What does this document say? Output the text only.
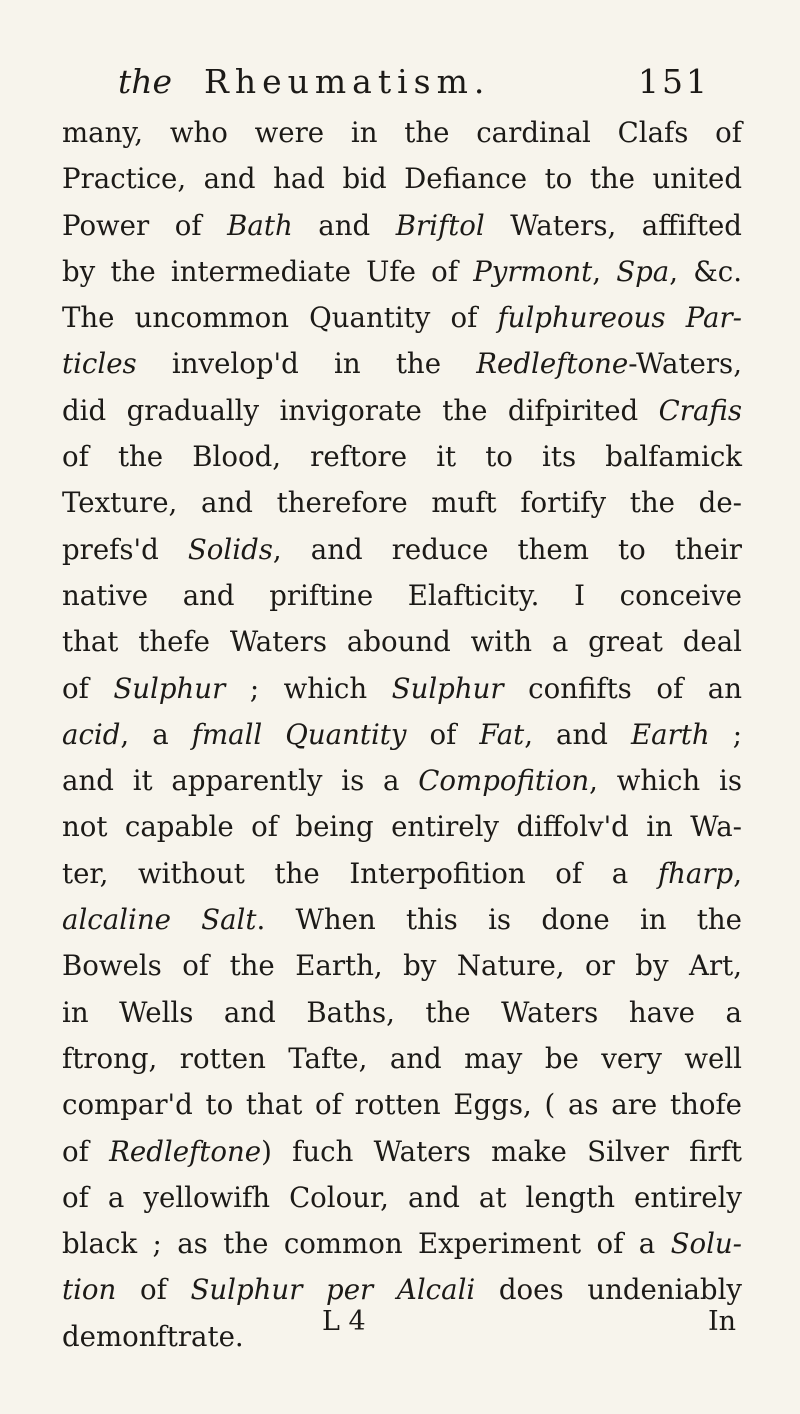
the Rheumatism.	151
many, who were in the cardinal Clafs of
Practice, and had bid Defiance to the united
Power of Bath and Briftol Waters, affifted
by the intermediate Ufe of Pyrmont, Spa, &c.
The uncommon Quantity of fulphureous Par-
ticles invelop'd in the Redleftone-Waters,
did gradually invigorate the difpirited Crafis
of the Blood, reftore it to its balfamick
Texture, and therefore muft fortify the de-
prefs'd Solids, and reduce them to their
native and priftine Elafticity. I conceive
that thefe Waters abound with a great deal
of Sulphur ; which Sulphur confifts of an
acid, a fmall Quantity of Fat, and Earth ;
and it apparently is a Compofition, which is
not capable of being entirely diffolv'd in Wa-
ter, without the Interpofition of a fharp,
alcaline Salt. When this is done in the
Bowels of the Earth, by Nature, or by Art,
in Wells and Baths, the Waters have a
ftrong, rotten Tafte, and may be very well
compar'd to that of rotten Eggs, ( as are thofe
of Redleftone) fuch Waters make Silver firft
of a yellowifh Colour, and at length entirely
black ; as the common Experiment of a Solu-
tion of Sulphur per Alcali does undeniably
demonftrate.	L 4	In
